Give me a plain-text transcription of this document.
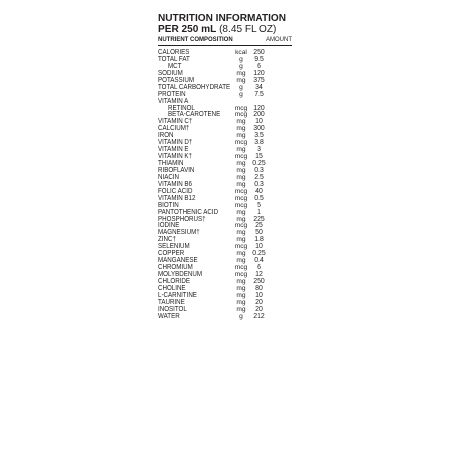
NUTRITION INFORMATION
PER 250 mL (8.45 FL OZ)
NUTRIENT COMPOSITION	AMOUNT
CALORIES	kcal 250
TOTAL FAT	g	9.5
MCT	g	6
SODIUM	mg	120
POTASSIUM	mg	375
TOTAL CARBOHYDRATE	g	34
PROTEIN	g	7.5
VITAMIN A
RETINOL	mcg 120
BETA-CAROTENE	mcg 200
VITAMIN C†	mg	10
CALCIUM†	mg	300
IRON	mg	3.5
VITAMIN D†	mcg	3.8
VITAMIN E	mg	3
VITAMIN K†	mcg	15
THIAMIN	mg 0.25
RIBOFLAVIN	mg	0.3
NIACIN	mg	2.5
VITAMIN B6	mg	0.3
FOLIC ACID	mcg	40
VITAMIN B12	mcg	0.5
BIOTIN	mcg	5
PANTOTHENIC ACID	mg	1
PHOSPHORUS†	mg	225
IODINE	mcg	25
MAGNESIUM†	mg	50
ZINC†	mg	1.8
SELENIUM	mcg	10
COPPER	mg 0.25
MANGANESE	mg	0.4
CHROMIUM	mcg	6
MOLYBDENUM	mcg	12
CHLORIDE	mg	250
CHOLINE	mg	80
L-CARNITINE	mg	10
TAURINE	mg	20
INOSITOL	mg	20
WATER	g	212
